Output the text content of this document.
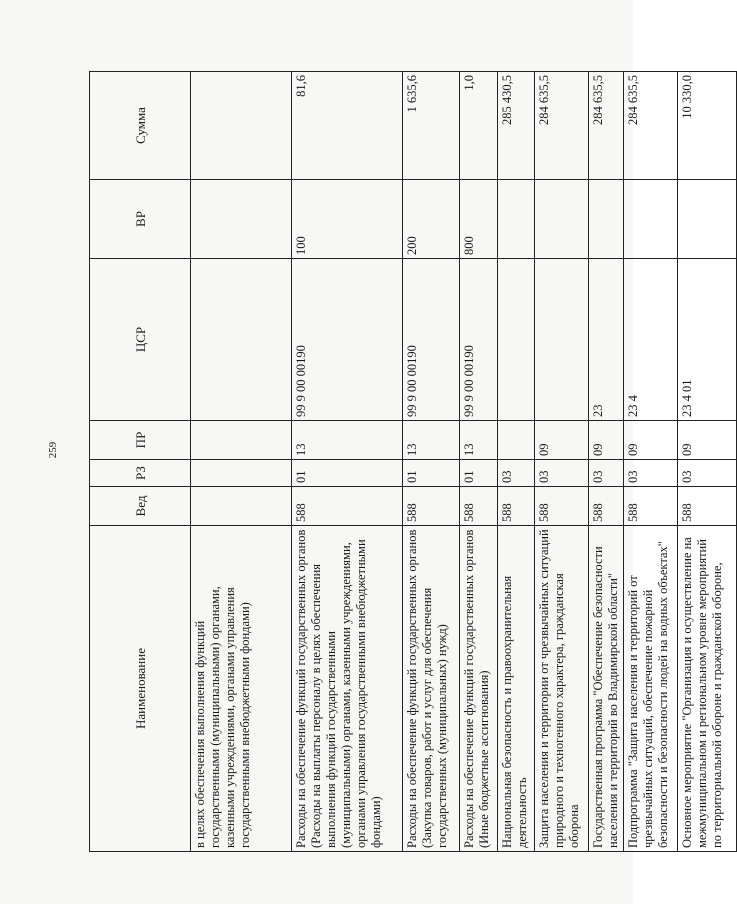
259
Наименование	Вед	РЗ	ПР	ЦСР	ВР	Сумма
в целях обеспечения выполнения функций государственными (муниципальными) органами, казенными учреждениями, органами управления государственными внебюджетными фондами)						
Расходы на обеспечение функций государственных органов (Расходы на выплаты персоналу в целях обеспечения выполнения функций государственными (муниципальными) органами, казенными учреждениями, органами управления государственными внебюджетными фондами)	588	01	13	99 9 00 00190	100	81,6
Расходы на обеспечение функций государственных органов (Закупка товаров, работ и услуг для обеспечения государственных (муниципальных) нужд)	588	01	13	99 9 00 00190	200	1 635,6
Расходы на обеспечение функций государственных органов (Иные бюджетные ассигнования)	588	01	13	99 9 00 00190	800	1,0
Национальная безопасность и правоохранительная деятельность	588	03				285 430,5
Защита населения и территории от чрезвычайных ситуаций природного и техногенного характера, гражданская оборона	588	03	09			284 635,5
Государственная программа "Обеспечение безопасности населения и территорий во Владимирской области"	588	03	09	23		284 635,5
Подпрограмма "Защита населения и территорий от чрезвычайных ситуаций, обеспечение пожарной безопасности и безопасности людей на водных объектах"	588	03	09	23 4		284 635,5
Основное мероприятие "Организация и осуществление на межмуниципальном и региональном уровне мероприятий по территориальной обороне и гражданской обороне,	588	03	09	23 4 01		10 330,0
